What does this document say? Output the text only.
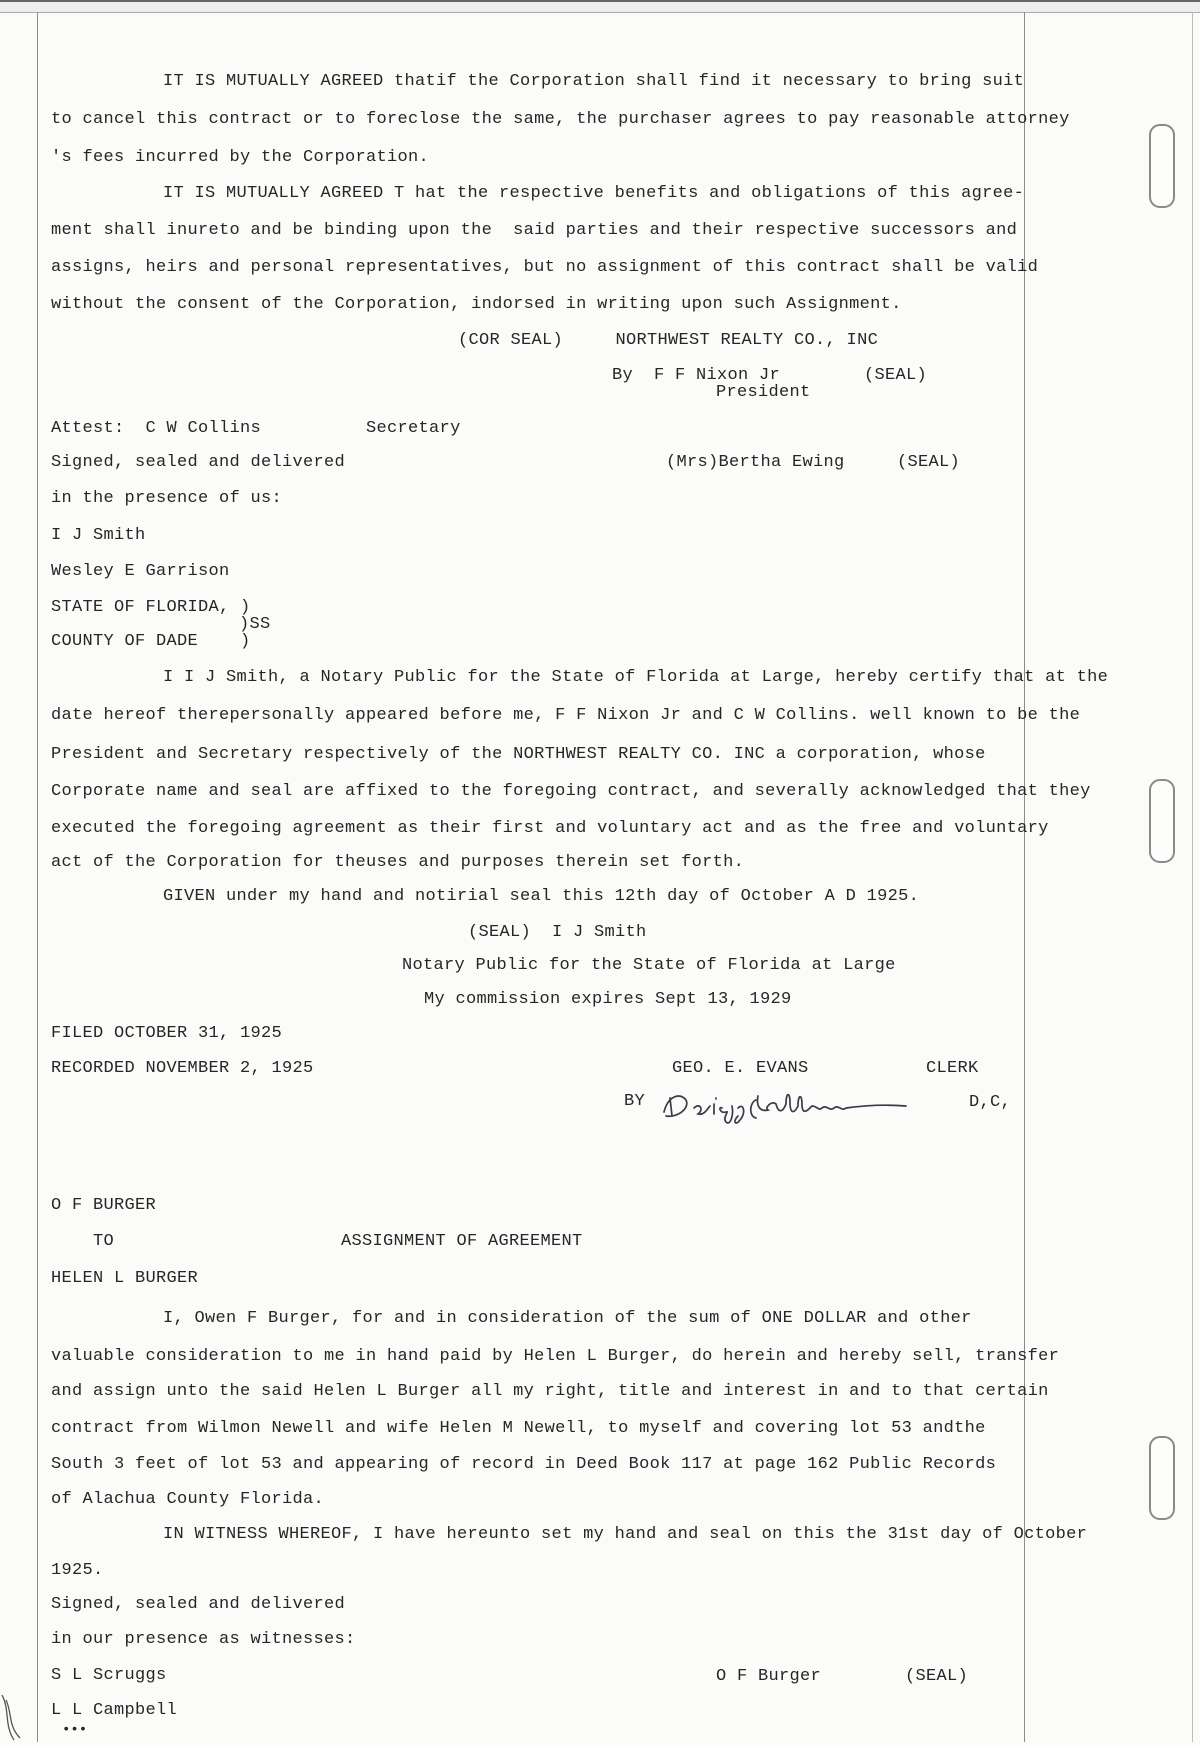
IT IS MUTUALLY AGREED thatif the Corporation shall find it necessary to bring suit
to cancel this contract or to foreclose the same, the purchaser agrees to pay reasonable attorney
's fees incurred by the Corporation.
IT IS MUTUALLY AGREED T hat the respective benefits and obligations of this agree-
ment shall inureto and be binding upon the  said parties and their respective successors and
assigns, heirs and personal representatives, but no assignment of this contract shall be valid
without the consent of the Corporation, indorsed in writing upon such Assignment.
(COR SEAL)     NORTHWEST REALTY CO., INC
By  F F Nixon Jr        (SEAL)
President
Attest:  C W Collins          Secretary
Signed, sealed and delivered	(Mrs)Bertha Ewing     (SEAL)
in the presence of us:
I J Smith
Wesley E Garrison
STATE OF FLORIDA, )
)SS
COUNTY OF DADE    )
I I J Smith, a Notary Public for the State of Florida at Large, hereby certify that at the
date hereof therepersonally appeared before me, F F Nixon Jr and C W Collins. well known to be the
President and Secretary respectively of the NORTHWEST REALTY CO. INC a corporation, whose
Corporate name and seal are affixed to the foregoing contract, and severally acknowledged that they
executed the foregoing agreement as their first and voluntary act and as the free and voluntary
act of the Corporation for theuses and purposes therein set forth.
GIVEN under my hand and notirial seal this 12th day of October A D 1925.
(SEAL)  I J Smith
Notary Public for the State of Florida at Large
My commission expires Sept 13, 1929
FILED OCTOBER 31, 1925
RECORDED NOVEMBER 2, 1925	GEO. E. EVANS	CLERK
BY	D,C,
O F BURGER
TO	ASSIGNMENT OF AGREEMENT
HELEN L BURGER
I, Owen F Burger, for and in consideration of the sum of ONE DOLLAR and other
valuable consideration to me in hand paid by Helen L Burger, do herein and hereby sell, transfer
and assign unto the said Helen L Burger all my right, title and interest in and to that certain
contract from Wilmon Newell and wife Helen M Newell, to myself and covering lot 53 andthe
South 3 feet of lot 53 and appearing of record in Deed Book 117 at page 162 Public Records
of Alachua County Florida.
IN WITNESS WHEREOF, I have hereunto set my hand and seal on this the 31st day of October
1925.
Signed, sealed and delivered
in our presence as witnesses:
S L Scruggs	O F Burger        (SEAL)
L L Campbell
•••
